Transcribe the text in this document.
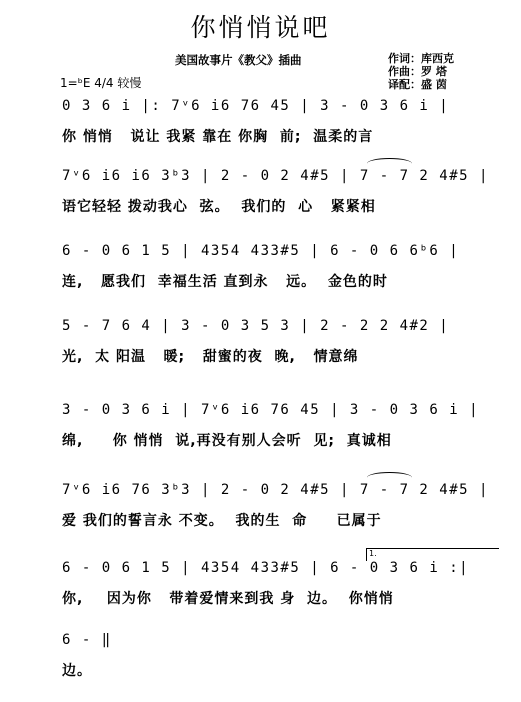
你悄悄说吧
美国故事片《教父》插曲	作词：库西克
作曲：罗 塔
译配：盛 茵
1=ᵇE 4/4 较慢
0 3 6 i |: 7ᵛ6 i6 76 45 | 3 - 0 3 6 i |
你 悄悄   说让 我紧 靠在 你胸  前;  温柔的言
7ᵛ6 i6 i6 3ᵇ3 | 2 - 0 2 4#5 | 7 - 7 2 4#5 |
语它轻轻 拨动我心  弦。  我们的  心   紧紧相
6 - 0 6 1 5 | 4354 433#5 | 6 - 0 6 6ᵇ6 |
连,   愿我们  幸福生活 直到永   远。  金色的时
5 - 7 6 4 | 3 - 0 3 5 3 | 2 - 2 2 4#2 |
光,  太 阳温   暖;   甜蜜的夜  晚,   情意绵
3 - 0 3 6 i | 7ᵛ6 i6 76 45 | 3 - 0 3 6 i |
绵,     你 悄悄  说,再没有别人会听  见;  真诚相
7ᵛ6 i6 76 3ᵇ3 | 2 - 0 2 4#5 | 7 - 7 2 4#5 |
爱 我们的誓言永 不变。  我的生  命     已属于
1.
6 - 0 6 1 5 | 4354 433#5 | 6 - 0 3 6 i :|
你,    因为你   带着爱情来到我 身  边。  你悄悄
6 - ‖
边。
